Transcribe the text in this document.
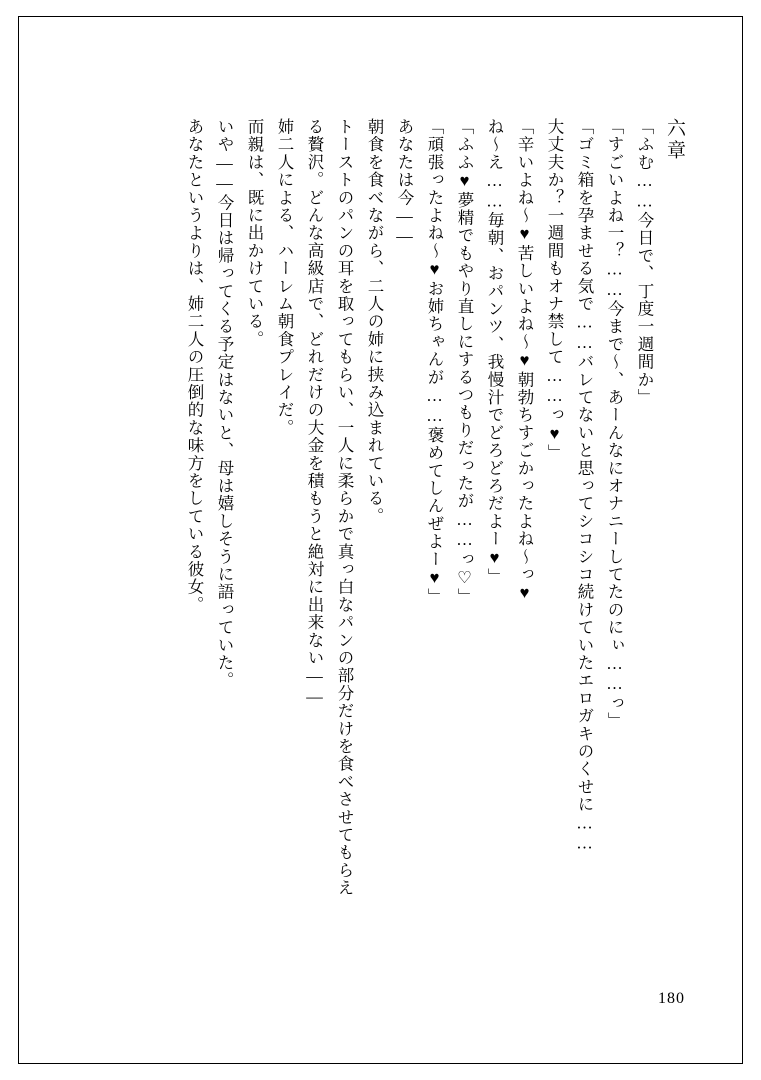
六章
「ふむ……今日で、丁度一週間か」
「すごいよね一？……今まで～、あーんなにオナニーしてたのにぃ……っ」
「ゴミ箱を孕ませる気で……バレてないと思ってシコシコ続けていたエロガキのくせに……
大丈夫か？一週間もオナ禁して……っ♥」
「辛いよね～♥苦しいよね～♥朝勃ちすごかったよね～っ♥
ね～え……毎朝、おパンツ、我慢汁でどろどろだよー♥」
「ふふ♥夢精でもやり直しにするつもりだったが……っ♡」
「頑張ったよね～♥お姉ちゃんが……褒めてしんぜよー♥」
あなたは今――
朝食を食べながら、二人の姉に挟み込まれている。
トーストのパンの耳を取ってもらい、一人に柔らかで真っ白なパンの部分だけを食べさせてもらえ
る贅沢。どんな高級店で、どれだけの大金を積もうと絶対に出来ない――
姉二人による、ハーレム朝食プレイだ。
而親は、既に出かけている。
いや――今日は帰ってくる予定はないと、母は嬉しそうに語っていた。
あなたというよりは、姉二人の圧倒的な味方をしている彼女。
180
